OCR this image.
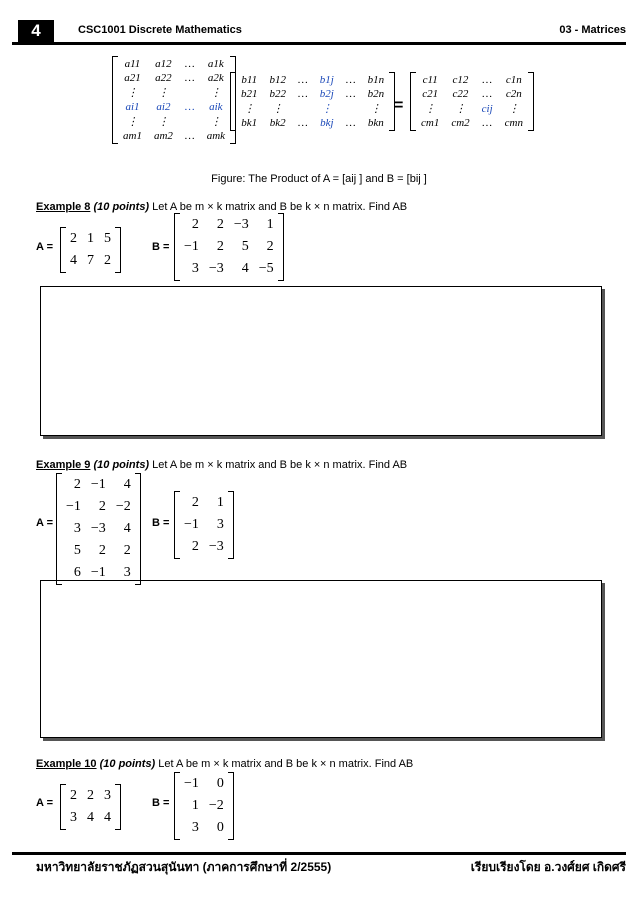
4	CSC1001 Discrete Mathematics	03 - Matrices
a11	a12	…	a1k
a21	a22	…	a2k
⋮	⋮		⋮
ai1	ai2	…	aik
⋮	⋮		⋮
am1	am2	…	amk
b11	b12	…	b1j	…	b1n
b21	b22	…	b2j	…	b2n
⋮	⋮		⋮		⋮
bk1	bk2	…	bkj	…	bkn
=
c11	c12	…	c1n
c21	c22	…	c2n
⋮	⋮	cij	⋮
cm1	cm2	…	cmn
Figure: The Product of A = [aij ] and B = [bij ]
Example 8 (10 points) Let A be m × k matrix and B be k × n matrix. Find AB
A =
2	1	5
4	7	2
B =
2	2	−3	1
−1	2	5	2
3	−3	4	−5
Example 9 (10 points) Let A be m × k matrix and B be k × n matrix. Find AB
A =
2	−1	4
−1	2	−2
3	−3	4
5	2	2
6	−1	3
B =
2	1
−1	3
2	−3
Example 10 (10 points) Let A be m × k matrix and B be k × n matrix. Find AB
A = 2	2	3
3	4	4
B =
−1	0
1	−2
3	0
มหาวิทยาลัยราชภัฏสวนสุนันทา (ภาคการศึกษาที่ 2/2555)	เรียบเรียงโดย อ.วงศ์ยศ เกิดศรี
